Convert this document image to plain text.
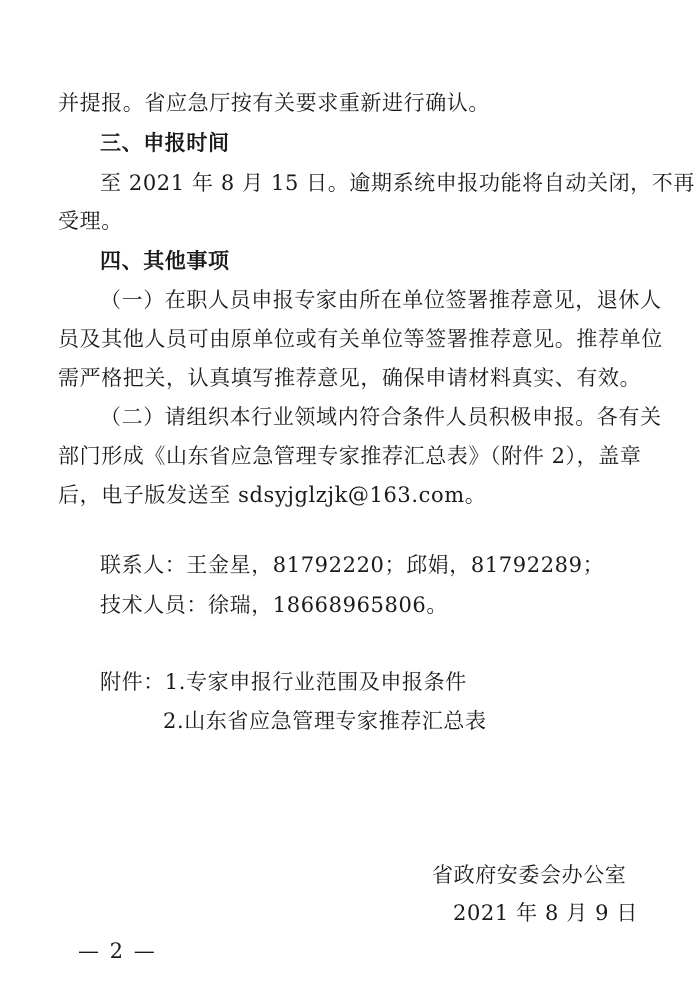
并提报。省应急厅按有关要求重新进行确认。
三、申报时间
至 2021 年 8 月 15 日。逾期系统申报功能将自动关闭，不再
受理。
四、其他事项
（一）在职人员申报专家由所在单位签署推荐意见，退休人
员及其他人员可由原单位或有关单位等签署推荐意见。推荐单位
需严格把关，认真填写推荐意见，确保申请材料真实、有效。
（二）请组织本行业领域内符合条件人员积极申报。各有关
部门形成《山东省应急管理专家推荐汇总表》（附件 2），盖章
后，电子版发送至 sdsyjglzjk@163.com。
联系人：王金星，81792220；邱娟，81792289；
技术人员：徐瑞，18668965806。
附件：1.专家申报行业范围及申报条件
2.山东省应急管理专家推荐汇总表
省政府安委会办公室
2021 年 8 月 9 日
— 2 —
